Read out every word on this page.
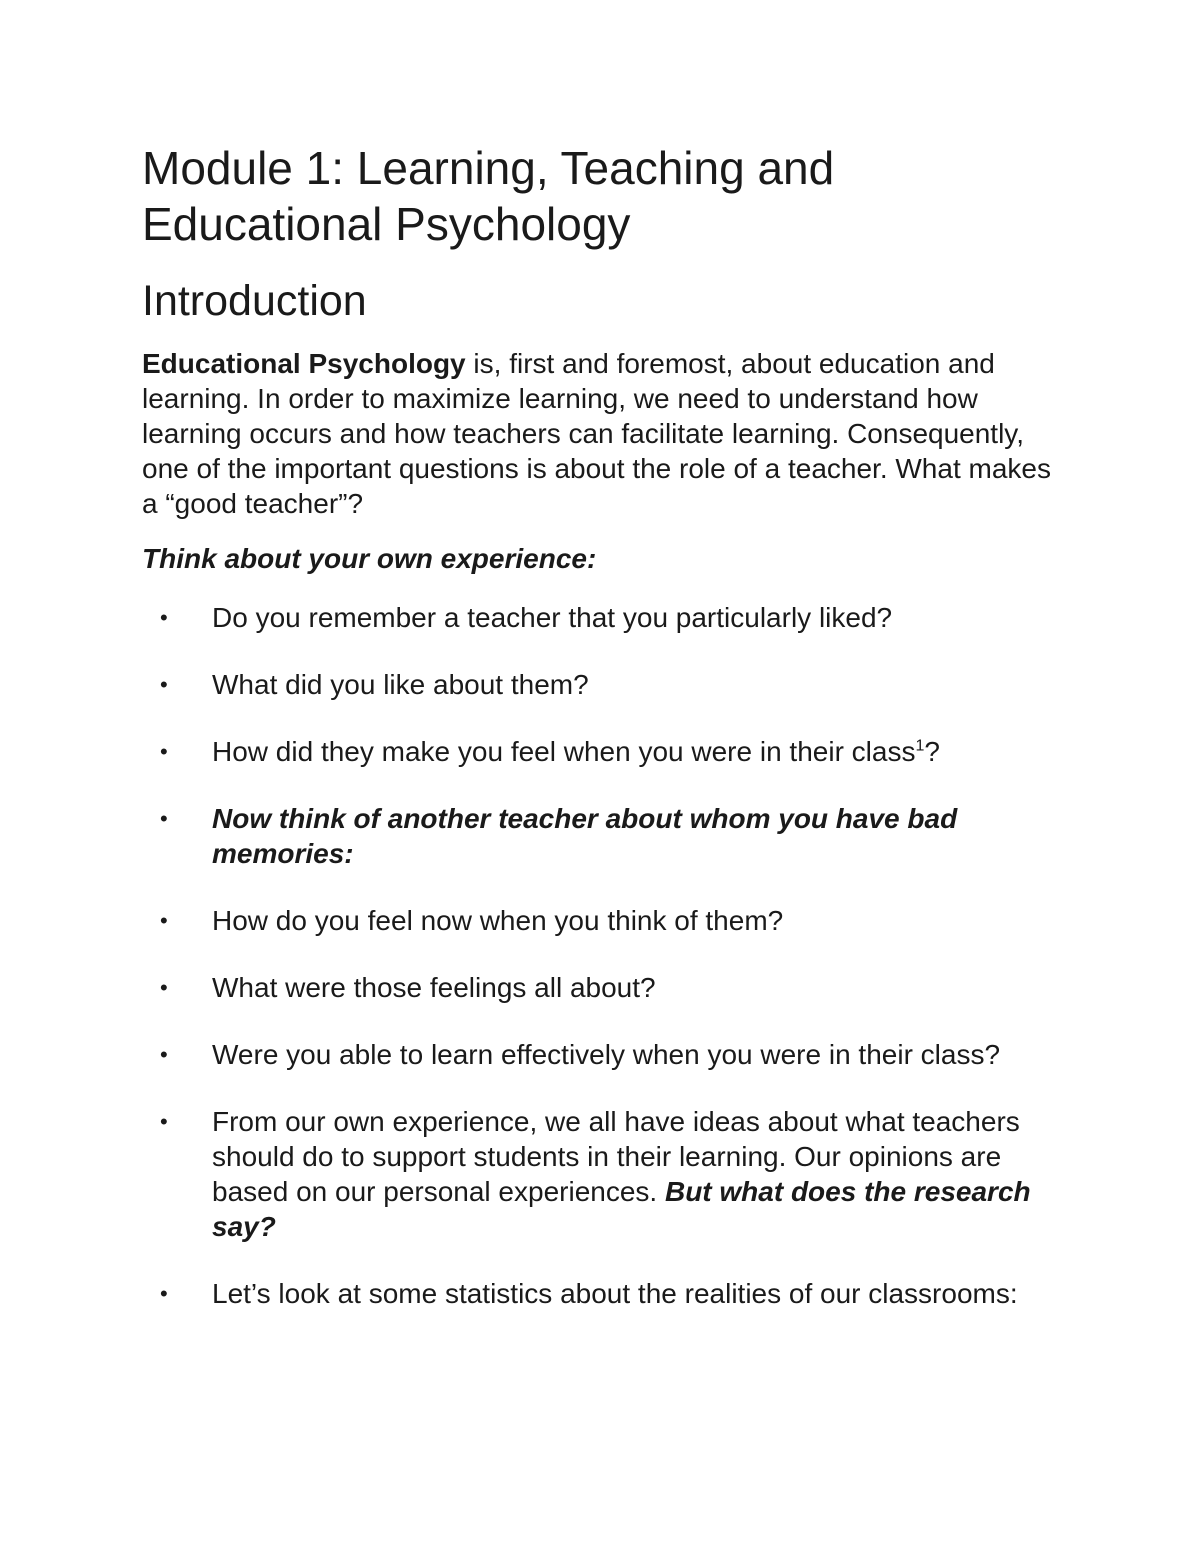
Module 1: Learning, Teaching and
Educational Psychology
Introduction

Educational Psychology is, first and foremost, about education and learning. In order to maximize learning, we need to understand how learning occurs and how teachers can facilitate learning. Consequently, one of the important questions is about the role of a teacher. What makes a “good teacher”?

Think about your own experience:

• Do you remember a teacher that you particularly liked?
• What did you like about them?
• How did they make you feel when you were in their class$^1$?
• Now think of another teacher about whom you have bad memories:
• How do you feel now when you think of them?
• What were those feelings all about?
• Were you able to learn effectively when you were in their class?
• From our own experience, we all have ideas about what teachers should do to support students in their learning. Our opinions are based on our personal experiences. But what does the research say?
• Let’s look at some statistics about the realities of our classrooms:
